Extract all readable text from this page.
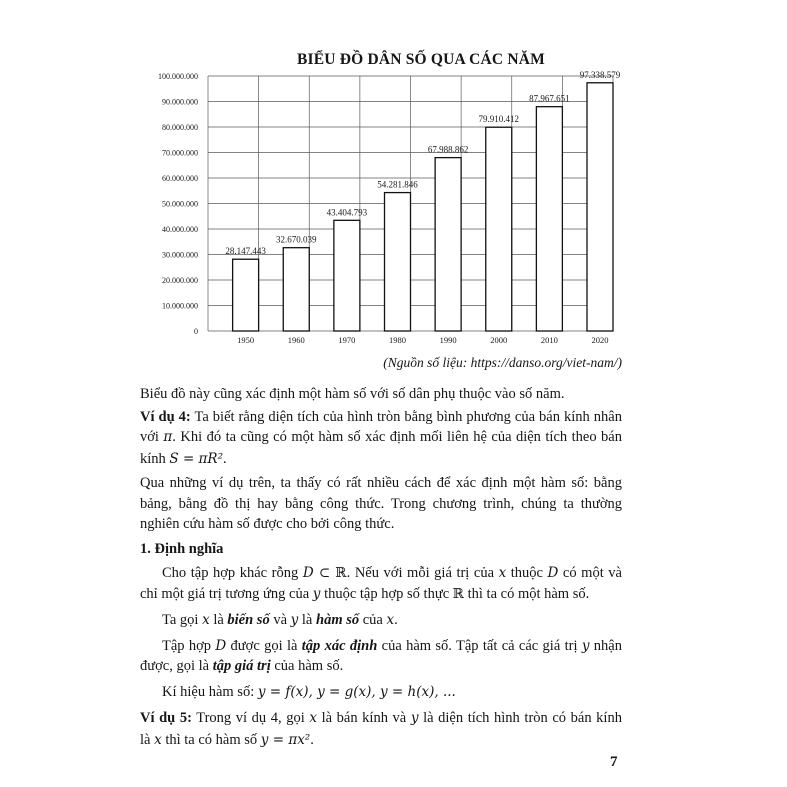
BIỂU ĐỒ DÂN SỐ QUA CÁC NĂM
0
10.000.000
20.000.000
30.000.000
40.000.000
50.000.000
60.000.000
70.000.000
80.000.000
90.000.000
100.000.000
28.147.443
1950
32.670.039
1960
43.404.793
1970
54.281.846
1980
67.988.862
1990
79.910.412
2000
87.967.651
2010
97.338.579
2020
(Nguồn số liệu: https://danso.org/viet-nam/)
Biểu đồ này cũng xác định một hàm số với số dân phụ thuộc vào số năm.
Ví dụ 4: Ta biết rằng diện tích của hình tròn bằng bình phương của bán kính nhân
với π. Khi đó ta cũng có một hàm số xác định mối liên hệ của diện tích theo bán
kính S = πR².
Qua những ví dụ trên, ta thấy có rất nhiều cách để xác định một hàm số: bằng
bảng, bằng đồ thị hay bằng công thức. Trong chương trình, chúng ta thường
nghiên cứu hàm số được cho bởi công thức.
1. Định nghĩa
Cho tập hợp khác rỗng D ⊂ ℝ. Nếu với mỗi giá trị của x thuộc D có một và
chỉ một giá trị tương ứng của y thuộc tập hợp số thực ℝ thì ta có một hàm số.
Ta gọi x là biến số và y là hàm số của x.
Tập hợp D được gọi là tập xác định của hàm số. Tập tất cả các giá trị y nhận
được, gọi là tập giá trị của hàm số.
Kí hiệu hàm số: y = f(x), y = g(x), y = h(x), ...
Ví dụ 5: Trong ví dụ 4, gọi x là bán kính và y là diện tích hình tròn có bán kính
là x thì ta có hàm số y = πx².
7
